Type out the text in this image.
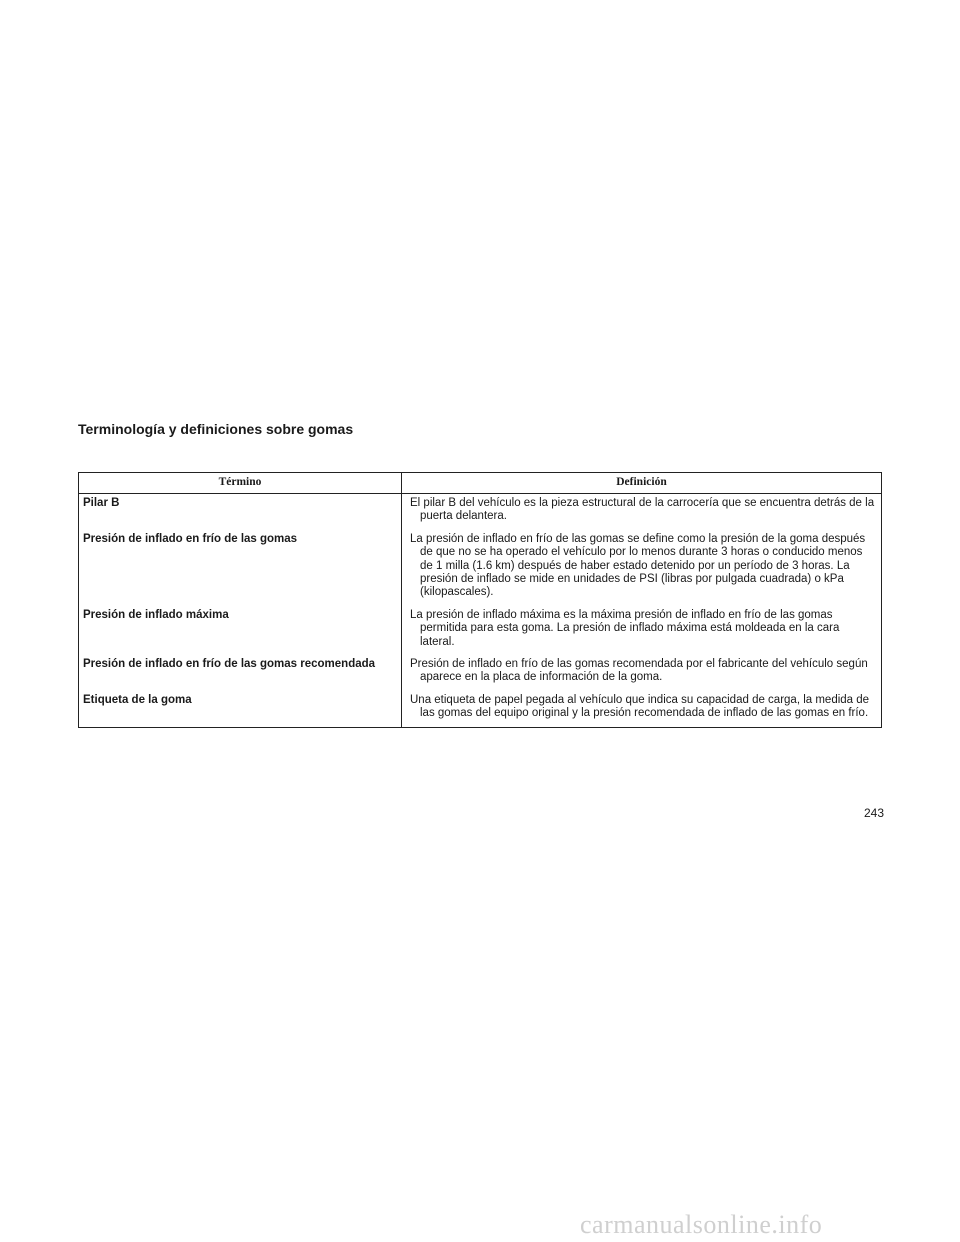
Terminología y definiciones sobre gomas
Término	Definición
Pilar B	El pilar B del vehículo es la pieza estructural de la carrocería que se encuentra detrás de la puerta delantera.

Presión de inflado en frío de las gomas	La presión de inflado en frío de las gomas se define como la presión de la goma después de que no se ha operado el vehículo por lo menos durante 3 horas o conducido menos de 1 milla (1.6 km) después de haber estado detenido por un período de 3 horas. La presión de inflado se mide en unidades de PSI (libras por pulgada cuadrada) o kPa (kilopascales).

Presión de inflado máxima	La presión de inflado máxima es la máxima presión de inflado en frío de las gomas permitida para esta goma. La presión de inflado máxima está moldeada en la cara lateral.

Presión de inflado en frío de las gomas recomendada	Presión de inflado en frío de las gomas recomendada por el fabricante del vehículo según aparece en la placa de información de la goma.

Etiqueta de la goma	Una etiqueta de papel pegada al vehículo que indica su capacidad de carga, la medida de las gomas del equipo original y la presión recomendada de inflado de las gomas en frío.
243
carmanualsonline.info
